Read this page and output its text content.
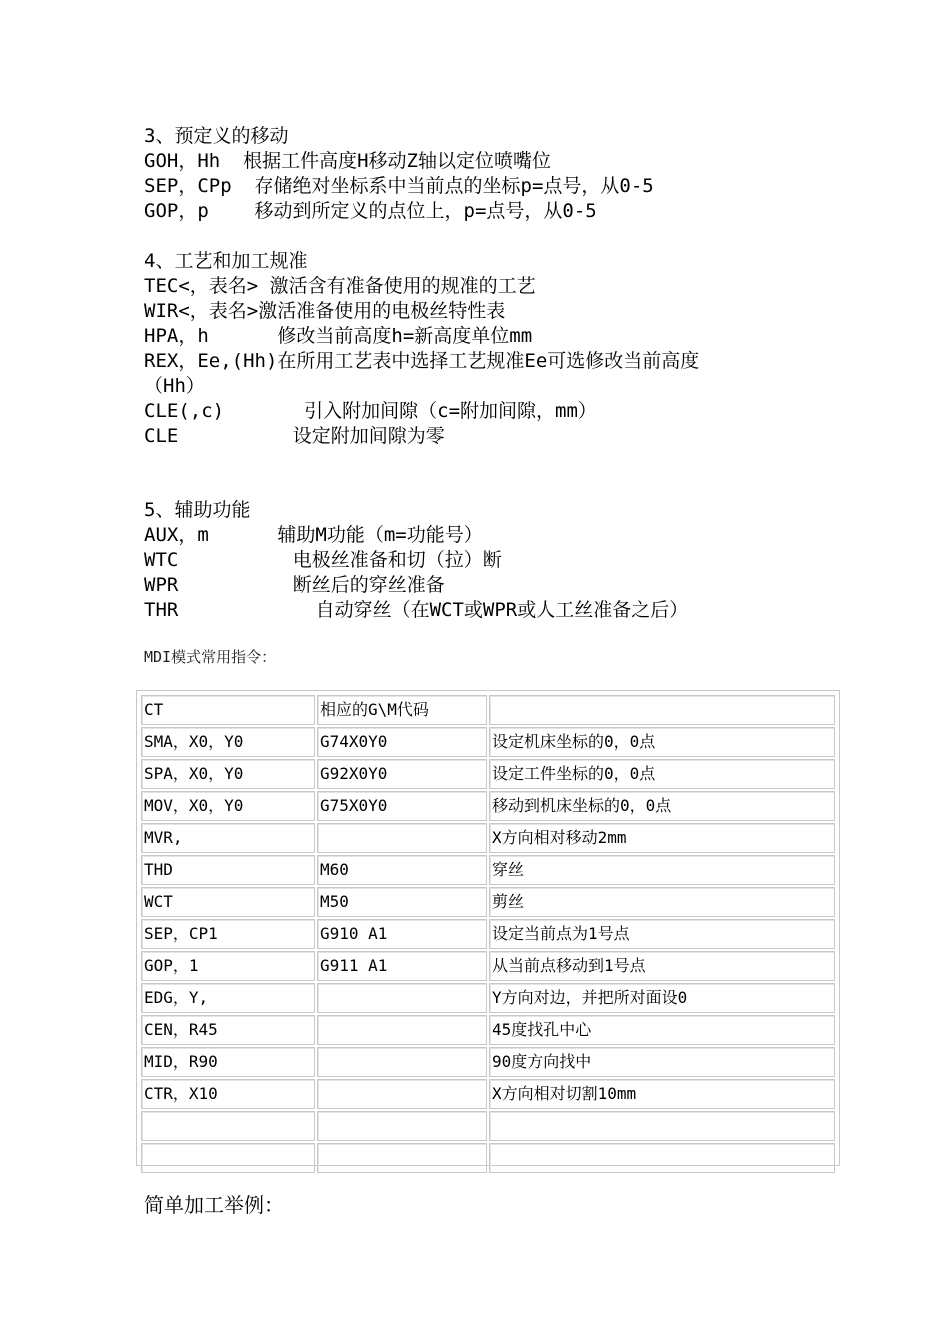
3、预定义的移动

GOH，Hh  根据工件高度H移动Z轴以定位喷嘴位

SEP，CPp  存储绝对坐标系中当前点的坐标p=点号，从0-5

GOP，p    移动到所定义的点位上，p=点号，从0-5

4、工艺和加工规准

TEC<，表名> 激活含有准备使用的规准的工艺

WIR<，表名>激活准备使用的电极丝特性表

HPA，h      修改当前高度h=新高度单位mm

REX，Ee,(Hh)在所用工艺表中选择工艺规准Ee可选修改当前高度

（Hh）

CLE(,c)       引入附加间隙（c=附加间隙，mm）

CLE          设定附加间隙为零

5、辅助功能

AUX，m      辅助M功能（m=功能号）

WTC          电极丝准备和切（拉）断

WPR          断丝后的穿丝准备

THR            自动穿丝（在WCT或WPR或人工丝准备之后）

MDI模式常用指令：
CT	相应的G\M代码	
SMA，X0，Y0	G74X0Y0	设定机床坐标的0，0点
SPA，X0，Y0	G92X0Y0	设定工件坐标的0，0点
MOV，X0，Y0	G75X0Y0	移动到机床坐标的0，0点
MVR,		X方向相对移动2mm
THD	M60	穿丝
WCT	M50	剪丝
SEP，CP1	G910 A1	设定当前点为1号点
GOP，1	G911 A1	从当前点移动到1号点
EDG，Y,		Y方向对边，并把所对面设0
CEN，R45		45度找孔中心
MID，R90		90度方向找中
CTR，X10		X方向相对切割10mm

简单加工举例：
